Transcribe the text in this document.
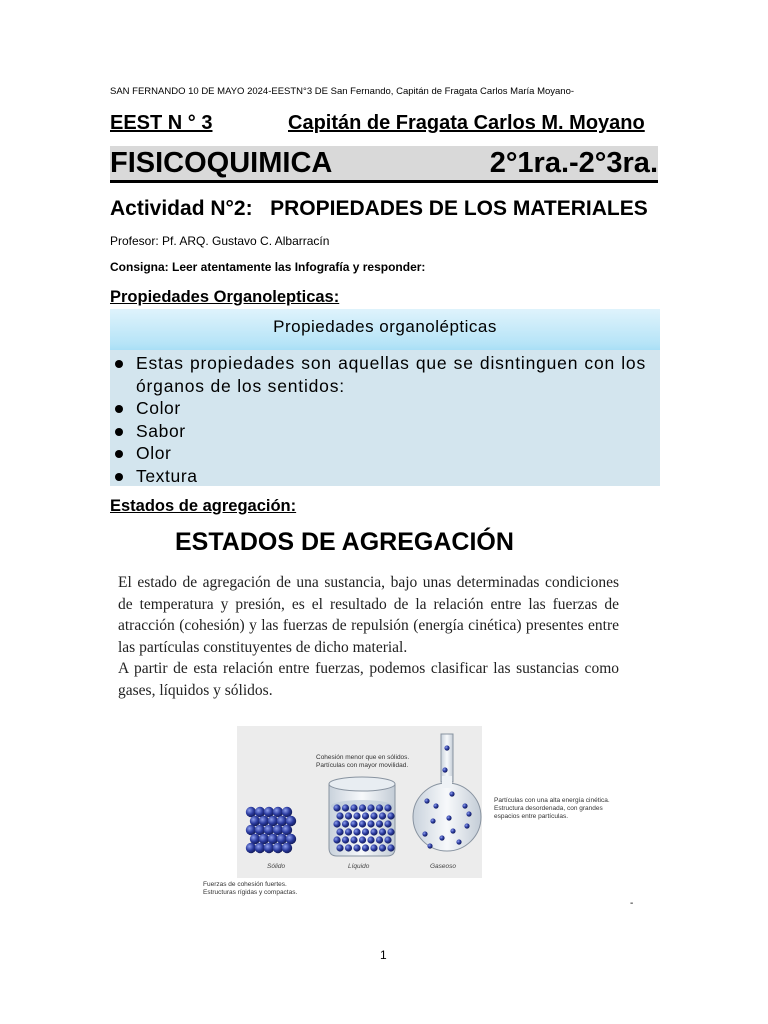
SAN FERNANDO 10 DE MAYO 2024-EESTN°3 DE San Fernando, Capitán de Fragata Carlos María Moyano-
EEST N ° 3	Capitán de Fragata Carlos M. Moyano
FISICOQUIMICA	2°1ra.-2°3ra.
Actividad N°2: PROPIEDADES DE LOS MATERIALES
Profesor: Pf. ARQ. Gustavo C. Albarracín
Consigna: Leer atentamente las Infografía y responder:
Propiedades Organolepticas:
Propiedades organolépticas
Estas propiedades son aquellas que se disntinguen con los órganos de los sentidos:
Color
Sabor
Olor
Textura
Estados de agregación:
ESTADOS DE AGREGACIÓN

El estado de agregación de una sustancia, bajo unas determinadas condiciones de temperatura y presión, es el resultado de la relación entre las fuerzas de atracción (cohesión) y las fuerzas de repulsión (energía cinética) presentes entre las partículas constituyentes de dicho material.

A partir de esta relación entre fuerzas, podemos clasificar las sustancias como gases, líquidos y sólidos.

Sólido	Líquido	Gaseoso
Cohesión menor que en sólidos.
Partículas con mayor movilidad.
Partículas con una alta energía cinética.
Estructura desordenada, con grandes
espacios entre partículas.
Fuerzas de cohesión fuertes.
Estructuras rígidas y compactas.
-
1
